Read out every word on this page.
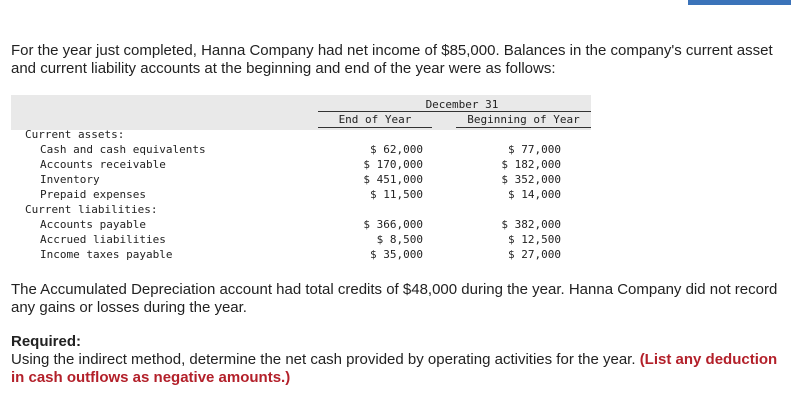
For the year just completed, Hanna Company had net income of $85,000. Balances in the company's current asset and current liability accounts at the beginning and end of the year were as follows:

December 31
End of Year	Beginning of Year
Current assets:
Cash and cash equivalents	$ 62,000	$ 77,000
Accounts receivable	$ 170,000	$ 182,000
Inventory	$ 451,000	$ 352,000
Prepaid expenses	$ 11,500	$ 14,000
Current liabilities:
Accounts payable	$ 366,000	$ 382,000
Accrued liabilities	$ 8,500	$ 12,500
Income taxes payable	$ 35,000	$ 27,000

The Accumulated Depreciation account had total credits of $48,000 during the year. Hanna Company did not record any gains or losses during the year.

Required:

Using the indirect method, determine the net cash provided by operating activities for the year. (List any deduction in cash outflows as negative amounts.)
